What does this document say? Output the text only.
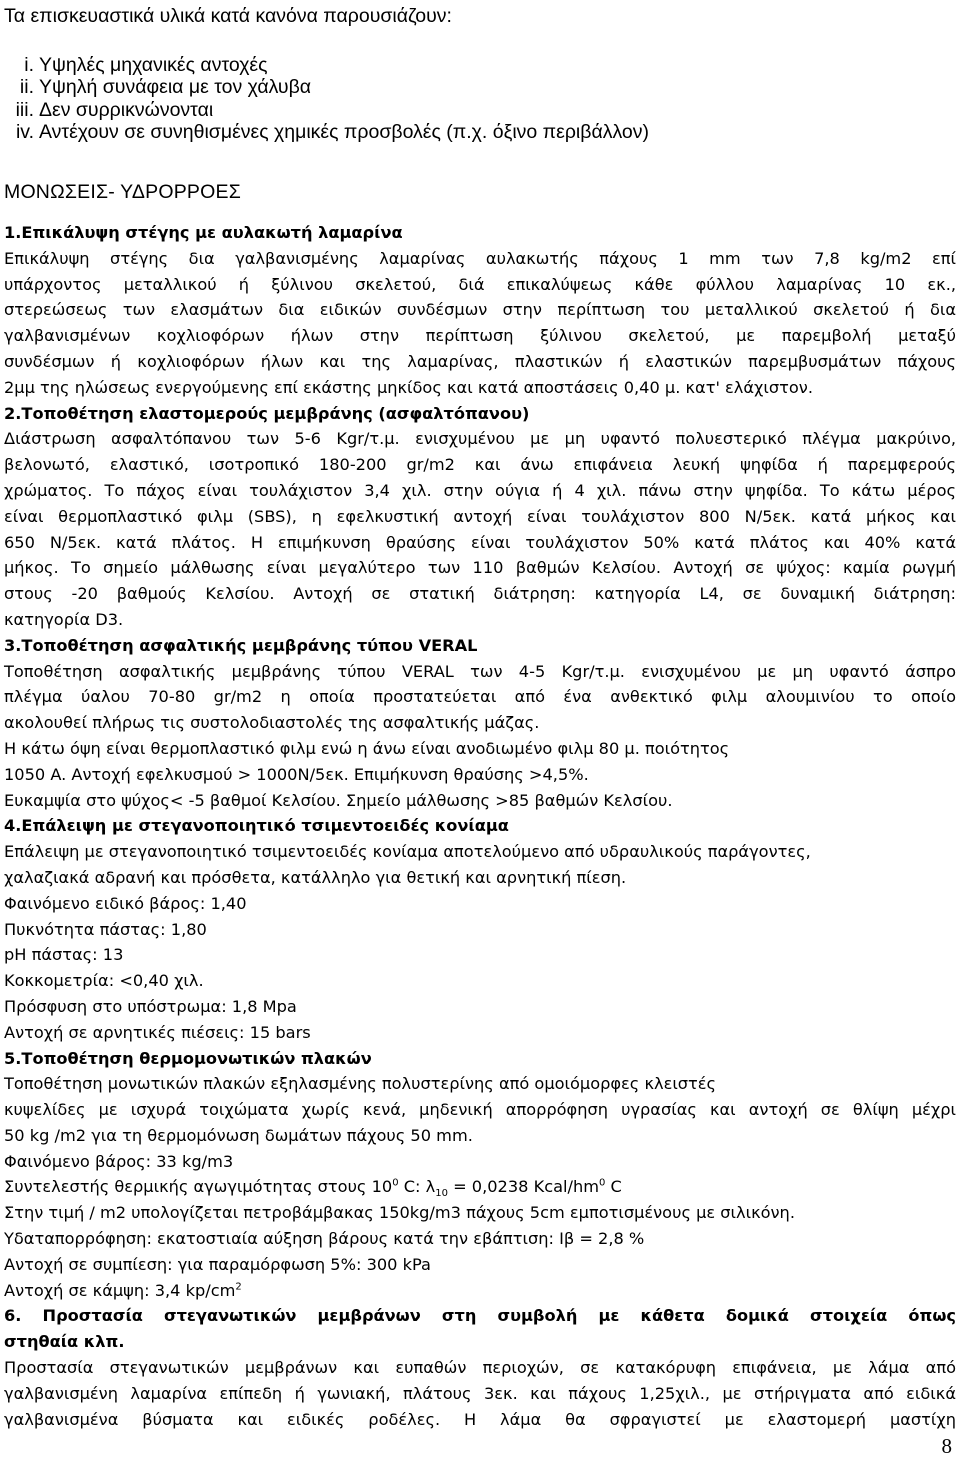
Τα επισκευαστικά υλικά κατά κανόνα παρουσιάζουν:
i. Υψηλές μηχανικές αντοχές
ii. Υψηλή συνάφεια με τον χάλυβα
iii. Δεν συρρικνώνονται
iv. Αντέχουν σε συνηθισμένες χημικές προσβολές (π.χ. όξινο περιβάλλον)
ΜΟΝΩΣΕΙΣ- ΥΔΡΟΡΡΟΕΣ

1.Επικάλυψη στέγης με αυλακωτή λαμαρίνα

Επικάλυψη στέγης δια γαλβανισμένης λαμαρίνας αυλακωτής πάχους 1 mm των 7,8 kg/m2 επί

υπάρχοντος μεταλλικού ή ξύλινου σκελετού, διά επικαλύψεως κάθε φύλλου λαμαρίνας 10 εκ.,

στερεώσεως των ελασμάτων δια ειδικών συνδέσμων στην περίπτωση του μεταλλικού σκελετού ή δια

γαλβανισμένων κοχλιοφόρων ήλων στην περίπτωση ξύλινου σκελετού, με παρεμβολή μεταξύ

συνδέσμων ή κοχλιοφόρων ήλων και της λαμαρίνας, πλαστικών ή ελαστικών παρεμβυσμάτων πάχους

2μμ της ηλώσεως ενεργούμενης επί εκάστης μηκίδος και κατά αποστάσεις 0,40 μ. κατ' ελάχιστον.

2.Τοποθέτηση ελαστομερούς μεμβράνης (ασφαλτόπανου)

Διάστρωση ασφαλτόπανου των 5-6 Kgr/τ.μ. ενισχυμένου με μη υφαντό πολυεστερικό πλέγμα μακρύινο,

βελονωτό, ελαστικό, ισοτροπικό 180-200 gr/m2 και άνω επιφάνεια λευκή ψηφίδα ή παρεμφερούς

χρώματος. Το πάχος είναι τουλάχιστον 3,4 χιλ. στην ούγια ή 4 χιλ. πάνω στην ψηφίδα. Το κάτω μέρος

είναι θερμοπλαστικό φιλμ (SBS), η εφελκυστική αντοχή είναι τουλάχιστον 800 N/5εκ. κατά μήκος και

650 N/5εκ. κατά πλάτος. Η επιμήκυνση θραύσης είναι τουλάχιστον 50% κατά πλάτος και 40% κατά

μήκος. Το σημείο μάλθωσης είναι μεγαλύτερο των 110 βαθμών Κελσίου. Αντοχή σε ψύχος: καμία ρωγμή

στους -20 βαθμούς Κελσίου. Αντοχή σε στατική διάτρηση: κατηγορία L4, σε δυναμική διάτρηση:

κατηγορία D3.

3.Τοποθέτηση ασφαλτικής μεμβράνης τύπου VERAL

Τοποθέτηση ασφαλτικής μεμβράνης τύπου VERAL των 4-5 Kgr/τ.μ. ενισχυμένου με μη υφαντό άσπρο

πλέγμα ύαλου 70-80 gr/m2 η οποία προστατεύεται από ένα ανθεκτικό φιλμ αλουμινίου το οποίο

ακολουθεί πλήρως τις συστολοδιαστολές της ασφαλτικής μάζας.

Η κάτω όψη είναι θερμοπλαστικό φιλμ ενώ η άνω είναι ανοδιωμένο φιλμ 80 μ. ποιότητος

1050 A. Αντοχή εφελκυσμού > 1000N/5εκ. Επιμήκυνση θραύσης >4,5%.

Ευκαμψία στο ψύχος< -5 βαθμοί Κελσίου. Σημείο μάλθωσης >85 βαθμών Κελσίου.

4.Επάλειψη με στεγανοποιητικό τσιμεντοειδές κονίαμα

Επάλειψη με στεγανοποιητικό τσιμεντοειδές κονίαμα αποτελούμενο από υδραυλικούς παράγοντες,

χαλαζιακά αδρανή και πρόσθετα, κατάλληλο για θετική και αρνητική πίεση.

Φαινόμενο ειδικό βάρος: 1,40

Πυκνότητα πάστας: 1,80

pH πάστας: 13

Κοκκομετρία: <0,40 χιλ.

Πρόσφυση στο υπόστρωμα: 1,8 Mpa

Αντοχή σε αρνητικές πιέσεις: 15 bars

5.Τοποθέτηση θερμομονωτικών πλακών

Τοποθέτηση μονωτικών πλακών εξηλασμένης πολυστερίνης από ομοιόμορφες κλειστές

κυψελίδες με ισχυρά τοιχώματα χωρίς κενά, μηδενική απορρόφηση υγρασίας και αντοχή σε θλίψη μέχρι

50 kg /m2 για τη θερμομόνωση δωμάτων πάχους 50 mm.

Φαινόμενο βάρος: 33 kg/m3

Συντελεστής θερμικής αγωγιμότητας στους $10^0$ C: $\lambda_{10} = 0,0238$ Kcal/$hm^0$ C

Στην τιμή / m2 υπολογίζεται πετροβάμβακας 150kg/m3 πάχους 5cm εμποτισμένους με σιλικόνη.

Υδαταπορρόφηση: εκατοστιαία αύξηση βάρους κατά την εβάπτιση: Ιβ = 2,8 %

Αντοχή σε συμπίεση: για παραμόρφωση 5%: 300 kPa

Αντοχή σε κάμψη: 3,4 $kp/cm^2$

6. Προστασία στεγανωτικών μεμβράνων στη συμβολή με κάθετα δομικά στοιχεία όπως

στηθαία κλπ.

Προστασία στεγανωτικών μεμβράνων και ευπαθών περιοχών, σε κατακόρυφη επιφάνεια, με λάμα από

γαλβανισμένη λαμαρίνα επίπεδη ή γωνιακή, πλάτους 3εκ. και πάχους 1,25χιλ., με στήριγματα από ειδικά

γαλβανισμένα βύσματα και ειδικές ροδέλες. Η λάμα θα σφραγιστεί με ελαστομερή μαστίχη

8
